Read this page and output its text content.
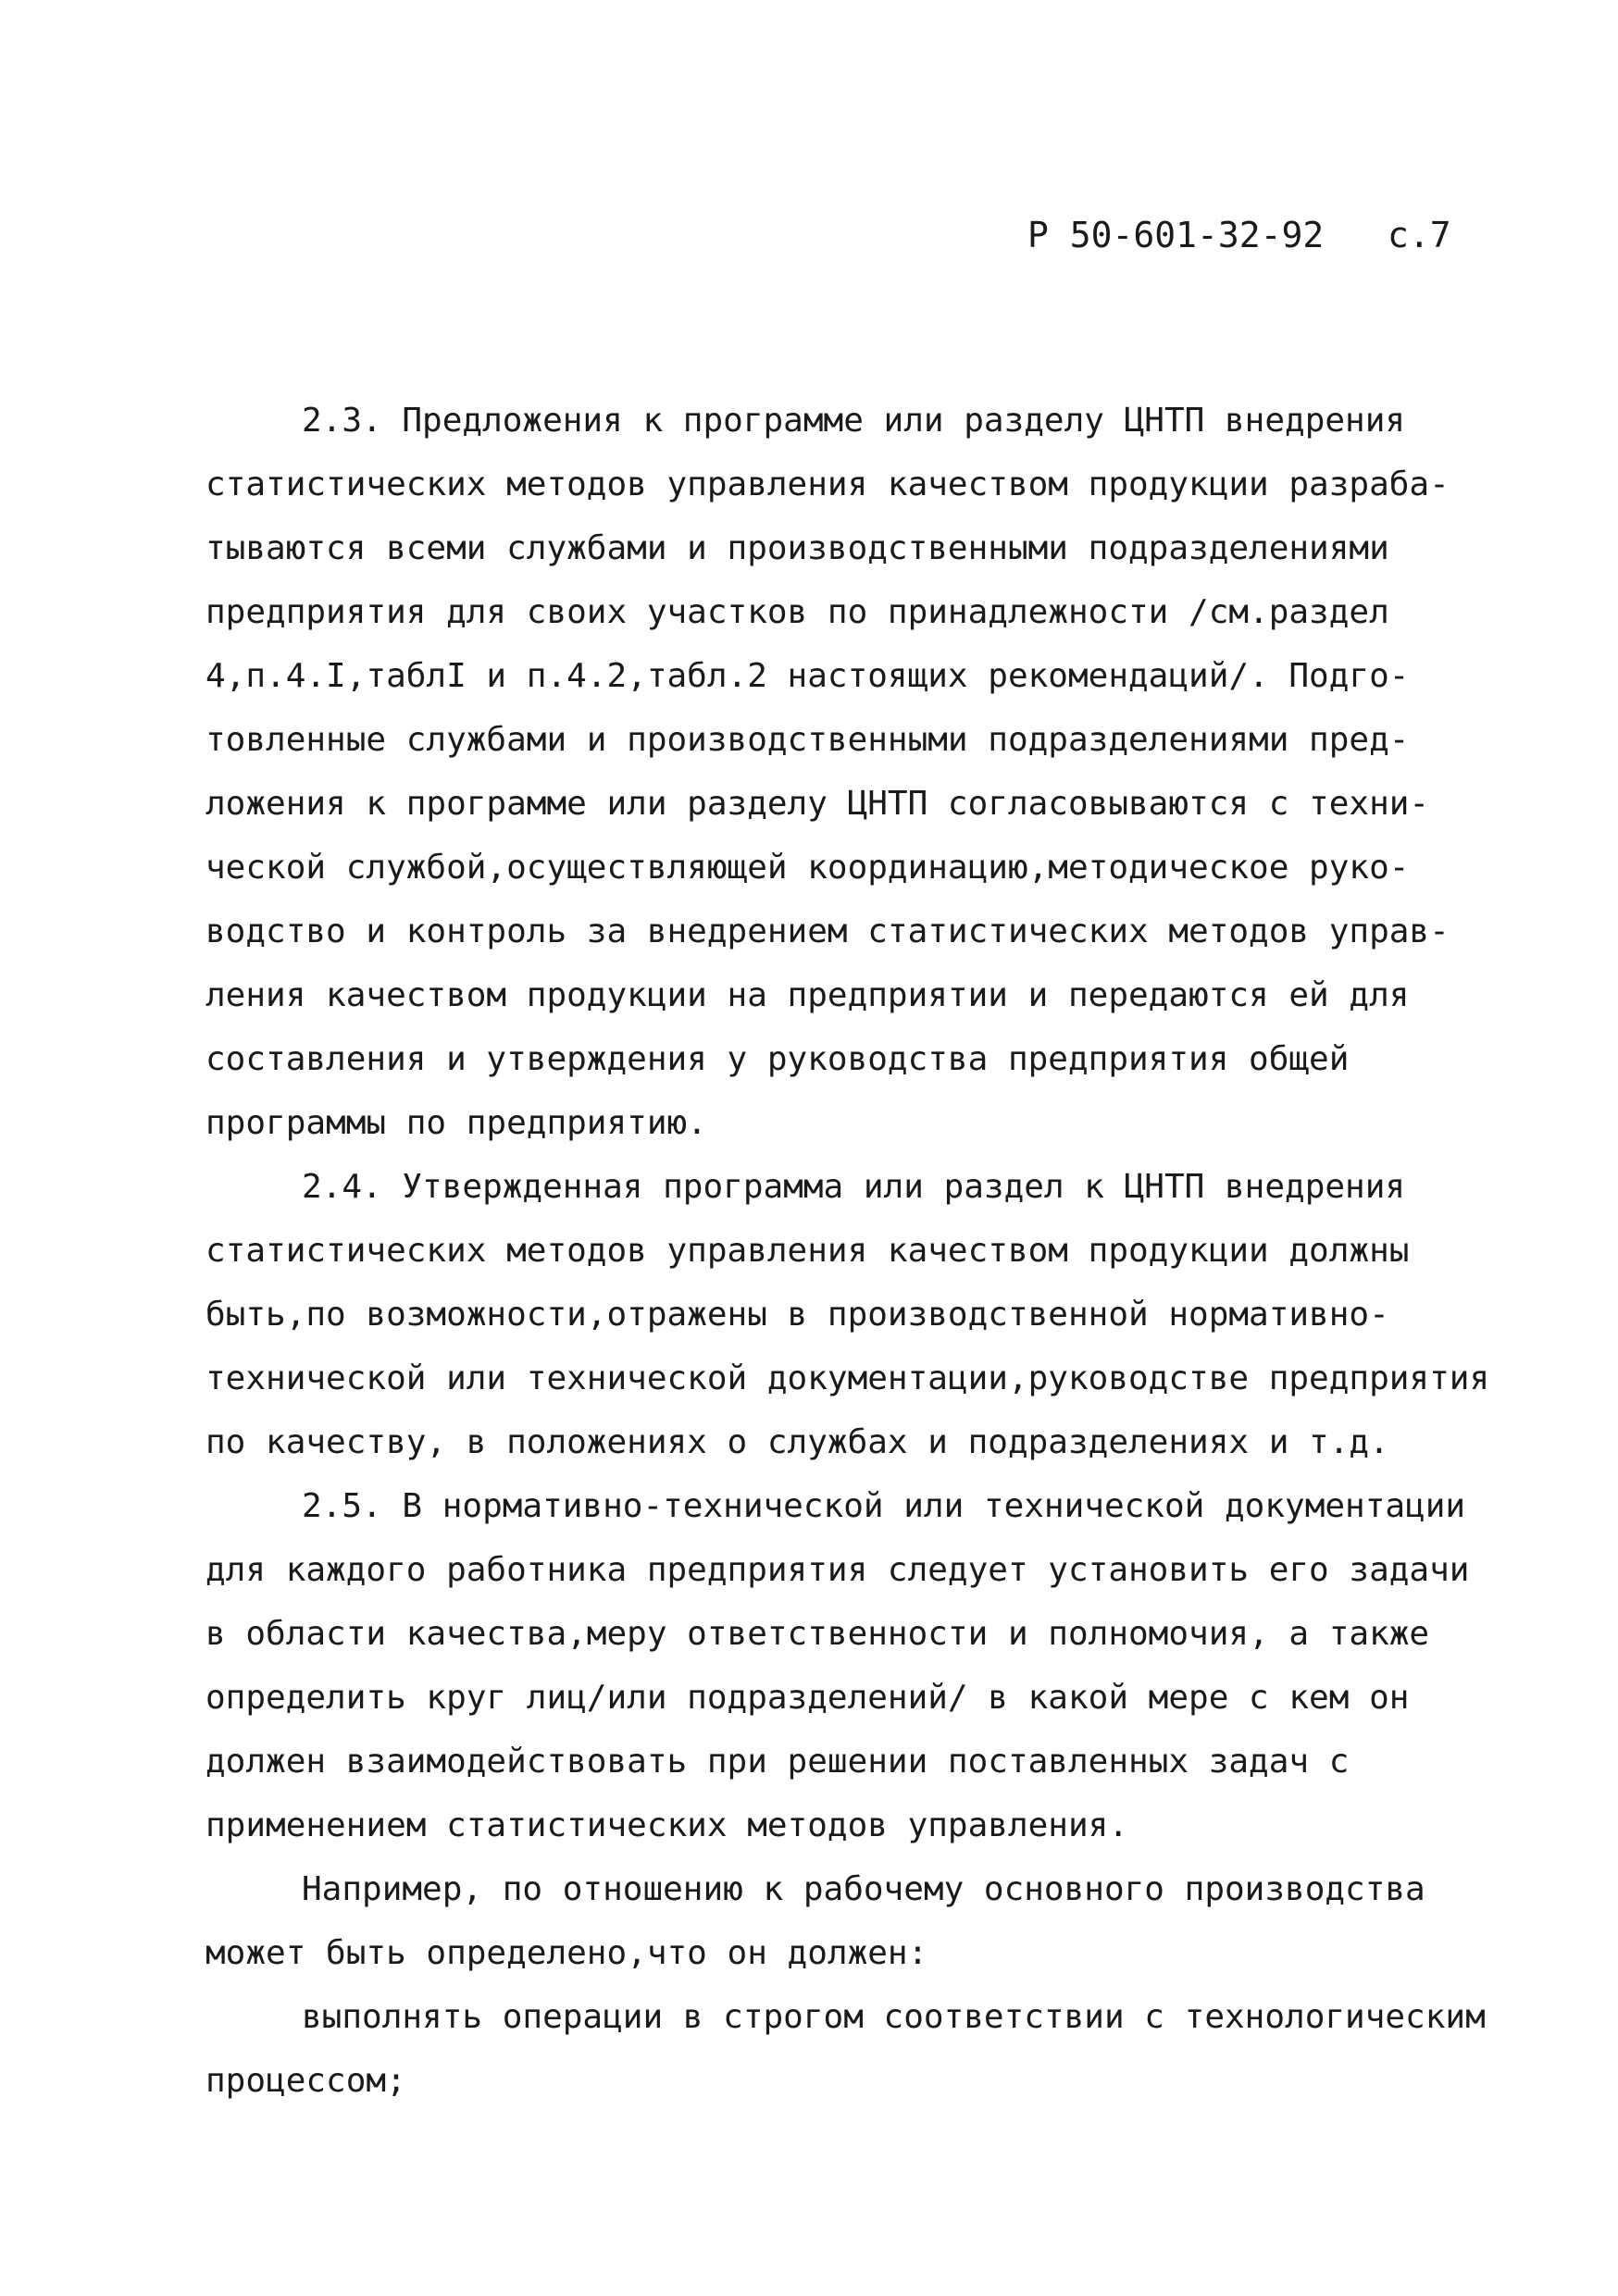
Р 50-601-32-92 с.7
2.3. Предложения к программе или разделу ЦНТП внедрения
статистических методов управления качеством продукции разраба-
тываются всеми службами и производственными подразделениями
предприятия для своих участков по принадлежности /см.раздел
4,п.4.I,таблI и п.4.2,табл.2 настоящих рекомендаций/. Подго-
товленные службами и производственными подразделениями пред-
ложения к программе или разделу ЦНТП согласовываются с техни-
ческой службой,осуществляющей координацию,методическое руко-
водство и контроль за внедрением статистических методов управ-
ления качеством продукции на предприятии и передаются ей для
составления и утверждения у руководства предприятия общей
программы по предприятию.
2.4. Утвержденная программа или раздел к ЦНТП внедрения
статистических методов управления качеством продукции должны
быть,по возможности,отражены в производственной нормативно-
технической или технической документации,руководстве предприятия
по качеству, в положениях о службах и подразделениях и т.д.
2.5. В нормативно-технической или технической документации
для каждого работника предприятия следует установить его задачи
в области качества,меру ответственности и полномочия, а также
определить круг лиц/или подразделений/ в какой мере с кем он
должен взаимодействовать при решении поставленных задач с
применением статистических методов управления.
Например, по отношению к рабочему основного производства
может быть определено,что он должен:
выполнять операции в строгом соответствии с технологическим
процессом;
